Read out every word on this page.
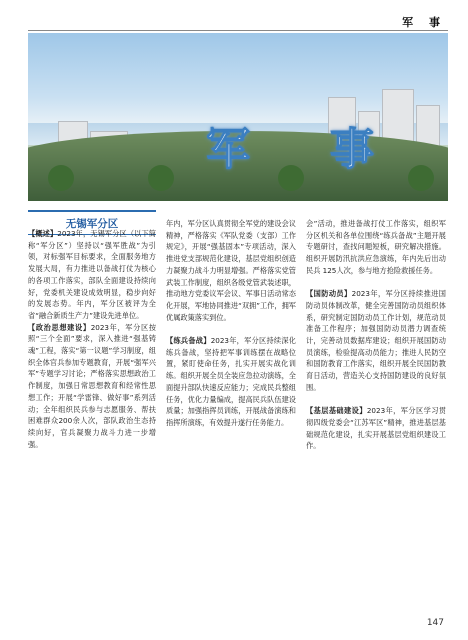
军 事
军　事
无锡军分区

【概述】2023年，无锡军分区（以下简称“军分区”）坚持以“强军胜战”为引领，对标强军目标要求，全面服务地方发展大局，有力推进以备战打仗为核心的各项工作落实，部队全面建设持续向好，党委机关建设成效明显，稳步向好的发展态势。年内，军分区被评为全省“融合新质生产力”建设先进单位。

【政治思想建设】2023年，军分区按照“三个全面”要求，深入推进“强基铸魂”工程，落实“第一议题”学习制度，组织全体官兵参加专题教育，开展“强军兴军”专题学习讨论；严格落实思想政治工作制度，加强日常思想教育和经常性思想工作；开展“学雷锋、做好事”系列活动；全年组织民兵参与志愿服务、帮扶困难群众200余人次，部队政治生态持续向好，官兵凝聚力战斗力进一步增强。

年内，军分区认真贯彻全军党的建设会议精神，严格落实《军队党委（支部）工作规定》，开展“强基固本”专项活动，深入推进党支部规范化建设，基层党组织创造力凝聚力战斗力明显增强。严格落实党管武装工作制度，组织各级党管武装述职，推动地方党委议军会议、军事日活动常态化开展，军地协同推进“双拥”工作，拥军优属政策落实到位。

【练兵备战】2023年，军分区持续深化练兵备战，坚持把军事训练摆在战略位置，紧盯使命任务，扎实开展实战化训练。组织开展全员全装应急拉动演练，全面提升部队快速反应能力；完成民兵整组任务，优化力量编成，提高民兵队伍建设质量；加强指挥员训练，开展战备演练和指挥所演练，有效提升遂行任务能力。

会”活动，推进备战打仗工作落实，组织军分区机关和各单位围绕“练兵备战”主题开展专题研讨，查找问题短板，研究解决措施。组织开展防汛抗洪应急演练，年内先后出动民兵 125人次，参与地方抢险救援任务。

【国防动员】2023年，军分区持续推进国防动员体制改革，健全完善国防动员组织体系，研究制定国防动员工作计划，规范动员准备工作程序；加强国防动员潜力调查统计，完善动员数据库建设；组织开展国防动员演练，检验提高动员能力；推进人民防空和国防教育工作落实，组织开展全民国防教育日活动，营造关心支持国防建设的良好氛围。

【基层基础建设】2023年，军分区学习贯彻四级党委会“江苏军区”精神，推进基层基础规范化建设，扎实开展基层党组织建设工作。

147
